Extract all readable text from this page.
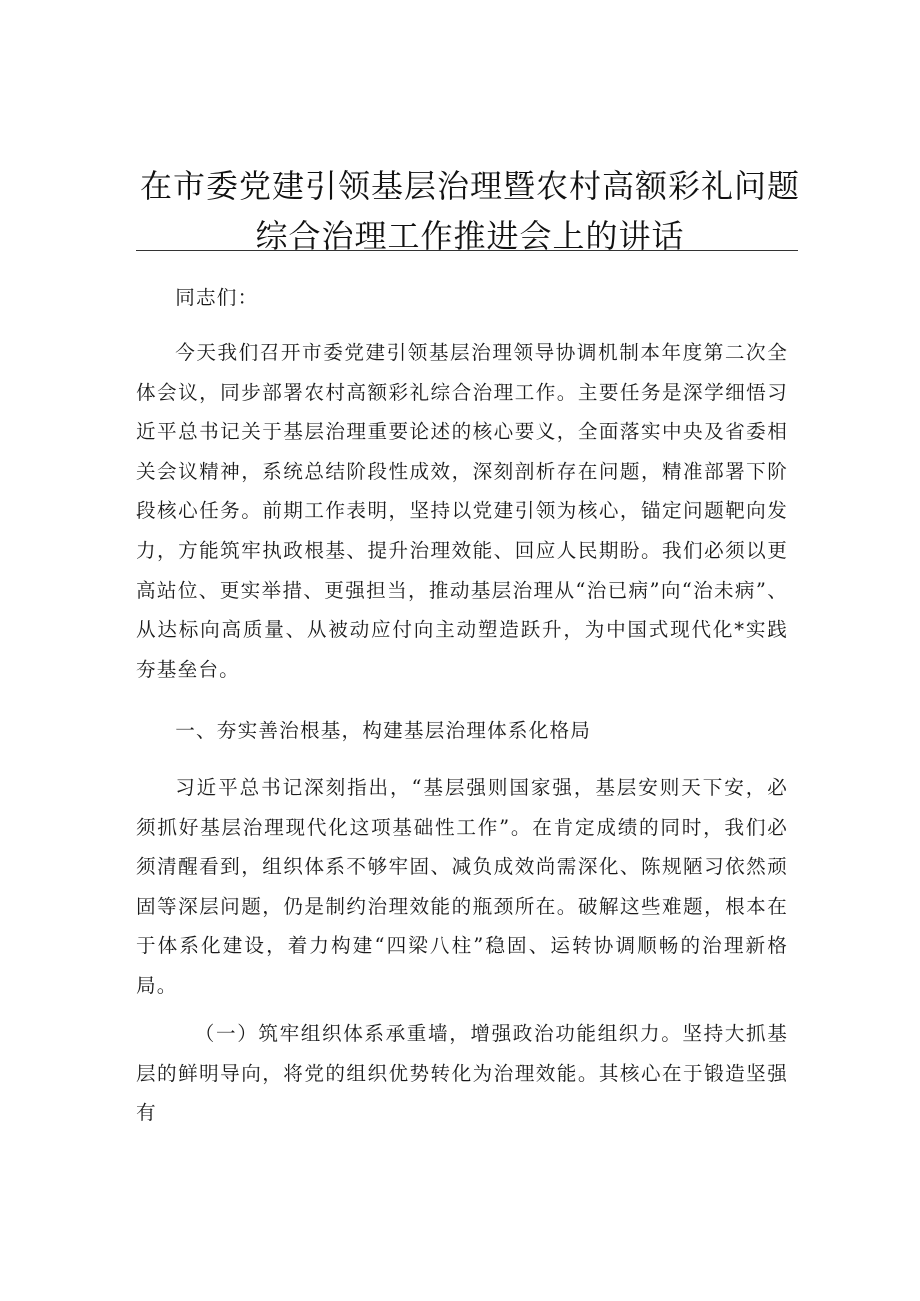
在市委党建引领基层治理暨农村高额彩礼问题
综合治理工作推进会上的讲话

同志们：

今天我们召开市委党建引领基层治理领导协调机制本年度第二次全体会议，同步部署农村高额彩礼综合治理工作。主要任务是深学细悟习近平总书记关于基层治理重要论述的核心要义，全面落实中央及省委相关会议精神，系统总结阶段性成效，深刻剖析存在问题，精准部署下阶段核心任务。前期工作表明，坚持以党建引领为核心，锚定问题靶向发力，方能筑牢执政根基、提升治理效能、回应人民期盼。我们必须以更高站位、更实举措、更强担当，推动基层治理从“治已病”向“治未病”、从达标向高质量、从被动应付向主动塑造跃升，为中国式现代化*实践夯基垒台。

一、夯实善治根基，构建基层治理体系化格局

习近平总书记深刻指出，“基层强则国家强，基层安则天下安，必须抓好基层治理现代化这项基础性工作”。在肯定成绩的同时，我们必须清醒看到，组织体系不够牢固、减负成效尚需深化、陈规陋习依然顽固等深层问题，仍是制约治理效能的瓶颈所在。破解这些难题，根本在于体系化建设，着力构建“四梁八柱”稳固、运转协调顺畅的治理新格局。

（一）筑牢组织体系承重墙，增强政治功能组织力。坚持大抓基层的鲜明导向，将党的组织优势转化为治理效能。其核心在于锻造坚强有
